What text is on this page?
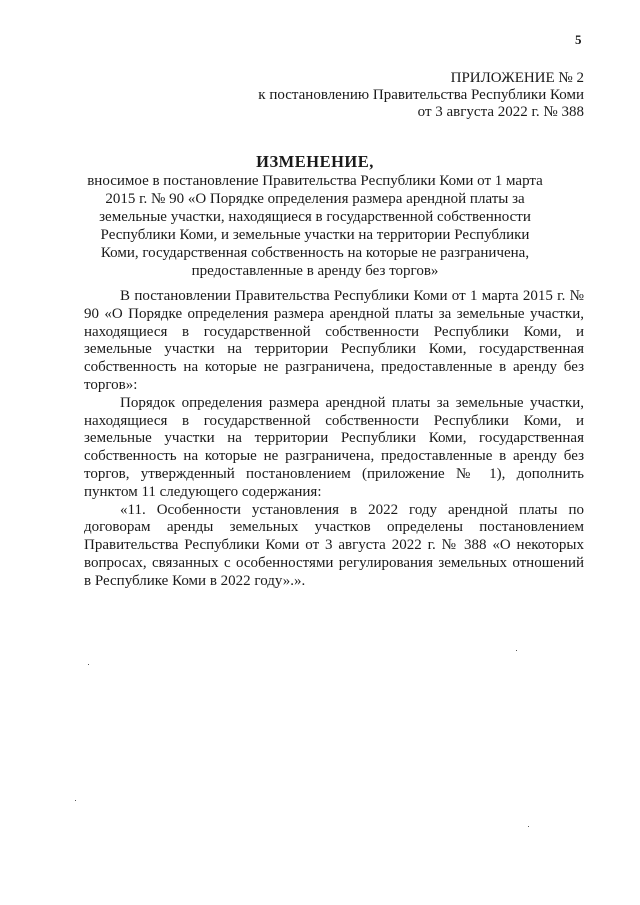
5
ПРИЛОЖЕНИЕ № 2
к постановлению Правительства Республики Коми
от 3 августа 2022 г. № 388
ИЗМЕНЕНИЕ,
вносимое в постановление Правительства Республики Коми от 1 марта 2015 г. № 90 «О Порядке определения размера арендной платы за земельные участки, находящиеся в государственной собственности Республики Коми, и земельные участки на территории Республики Коми, государственная собственность на которые не разграничена, предоставленные в аренду без торгов»

В постановлении Правительства Республики Коми от 1 марта 2015 г. № 90 «О Порядке определения размера арендной платы за земельные участки, находящиеся в государственной собственности Республики Коми, и земельные участки на территории Республики Коми, государственная собственность на которые не разграничена, предоставленные в аренду без торгов»:

Порядок определения размера арендной платы за земельные участки, находящиеся в государственной собственности Республики Коми, и земельные участки на территории Республики Коми, государственная собственность на которые не разграничена, предоставленные в аренду без торгов, утвержденный постановлением (приложение № 1), дополнить пунктом 11 следующего содержания:

«11. Особенности установления в 2022 году арендной платы по договорам аренды земельных участков определены постановлением Правительства Республики Коми от 3 августа 2022 г. № 388 «О некоторых вопросах, связанных с особенностями регулирования земельных отношений в Республике Коми в 2022 году».».
